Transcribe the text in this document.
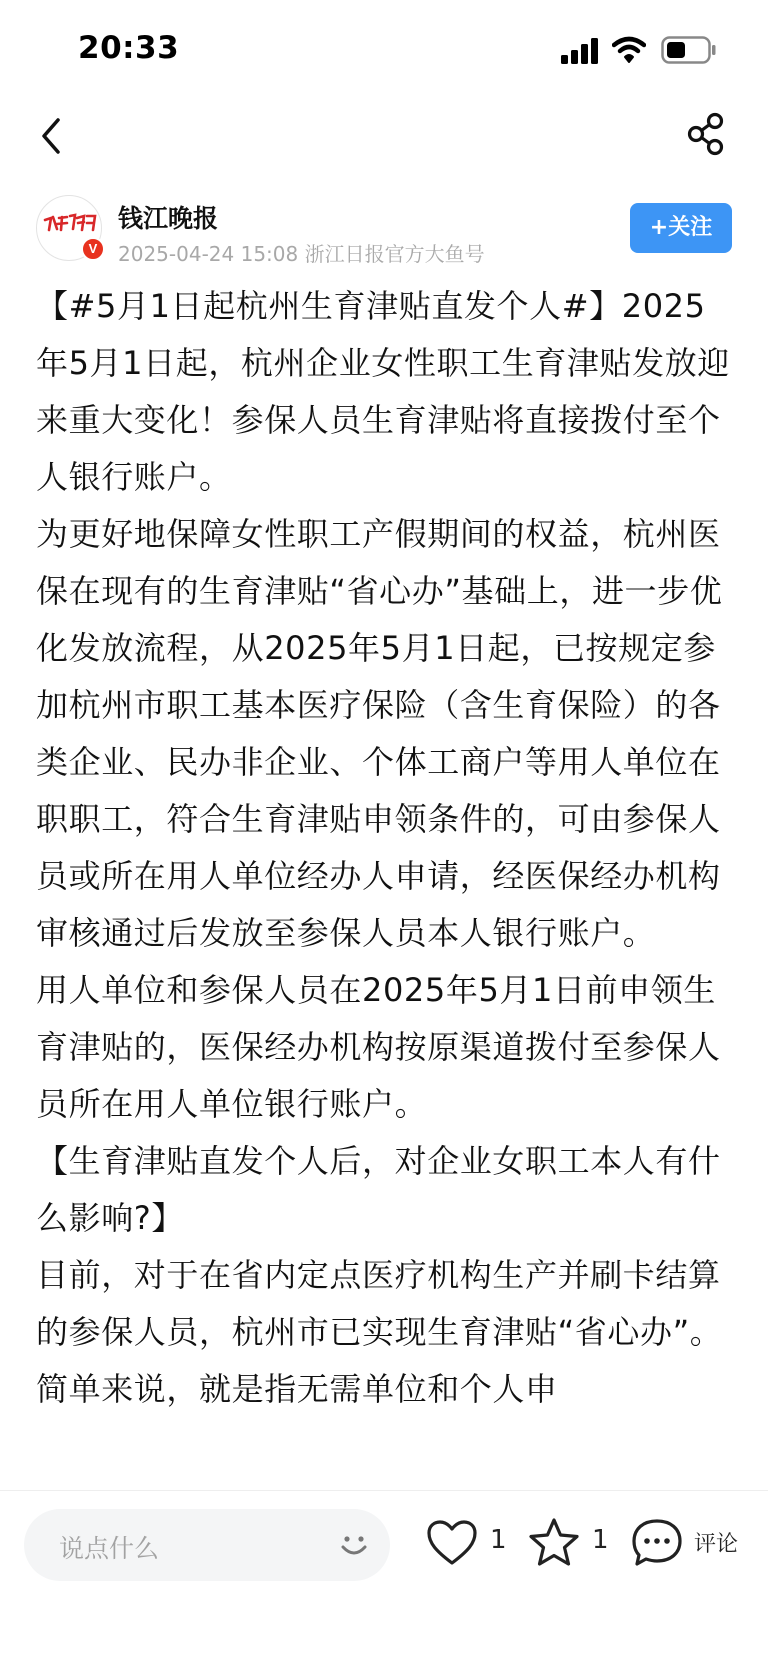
20:33
V
钱江晚报
2025-04-24 15:08 浙江日报官方大鱼号
+关注

【#5月1日起杭州生育津贴直发个人#】2025年5月1日起，杭州企业女性职工生育津贴发放迎来重大变化！参保人员生育津贴将直接拨付至个人银行账户。

为更好地保障女性职工产假期间的权益，杭州医保在现有的生育津贴“省心办”基础上，进一步优化发放流程，从2025年5月1日起，已按规定参加杭州市职工基本医疗保险（含生育保险）的各类企业、民办非企业、个体工商户等用人单位在职职工，符合生育津贴申领条件的，可由参保人员或所在用人单位经办人申请，经医保经办机构审核通过后发放至参保人员本人银行账户。

用人单位和参保人员在2025年5月1日前申领生育津贴的，医保经办机构按原渠道拨付至参保人员所在用人单位银行账户。

【生育津贴直发个人后，对企业女职工本人有什么影响?】

目前，对于在省内定点医疗机构生产并刷卡结算的参保人员，杭州市已实现生育津贴“省心办”。简单来说，就是指无需单位和个人申

说点什么	1	1	评论
